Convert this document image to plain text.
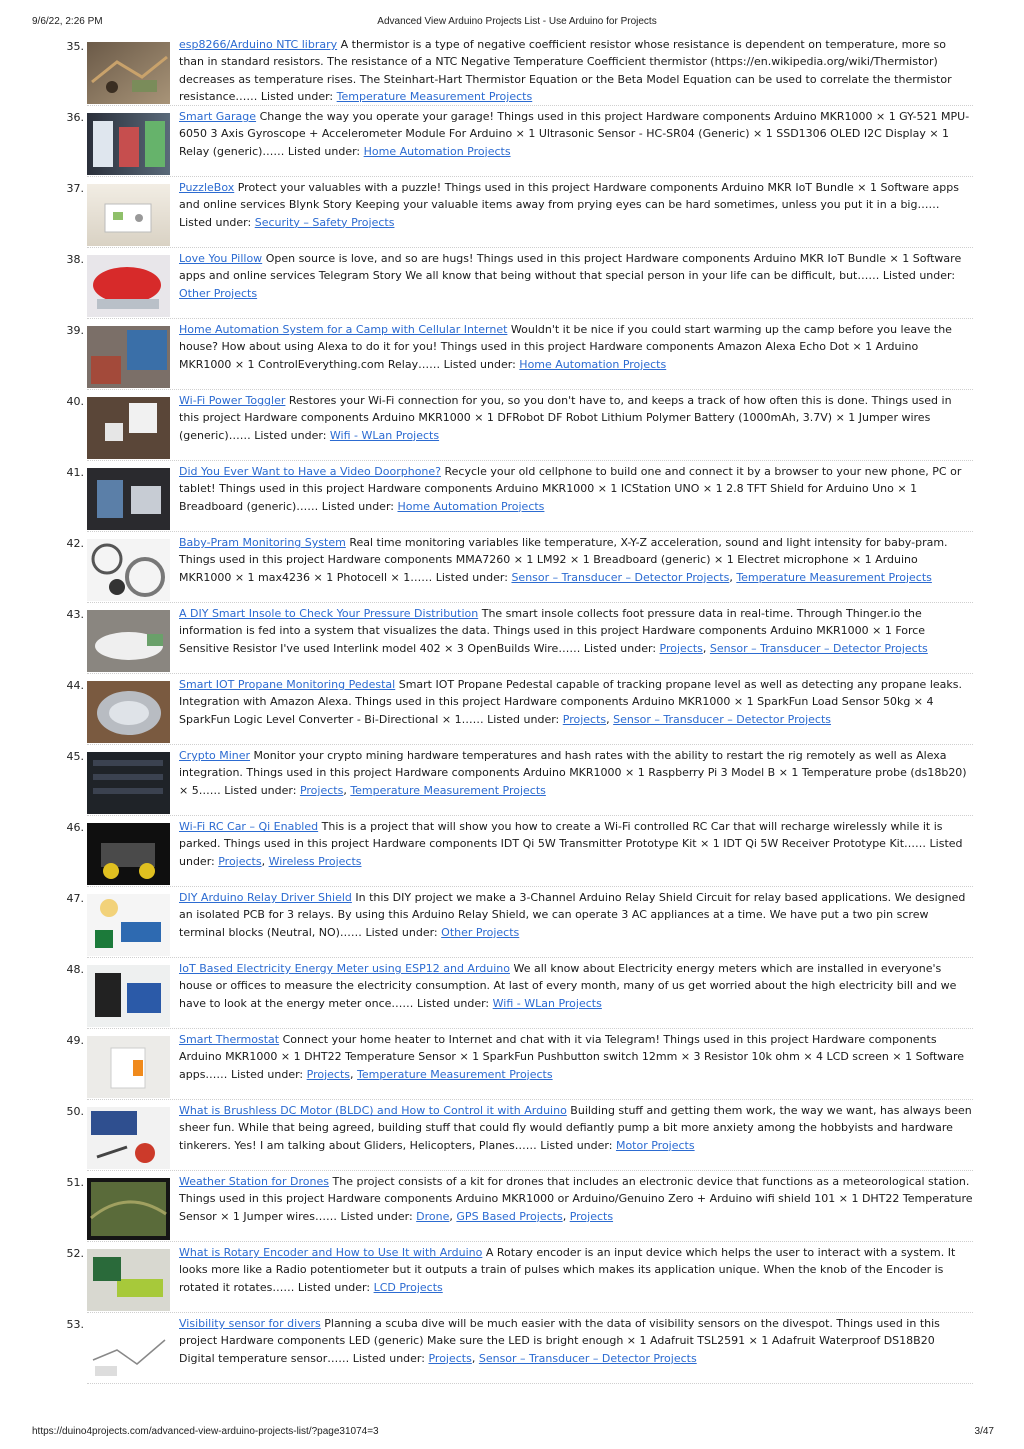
9/6/22, 2:26 PM	Advanced View Arduino Projects List - Use Arduino for Projects
35.	esp8266/Arduino NTC library A thermistor is a type of negative coefficient resistor whose resistance is dependent on temperature, more so than in standard resistors. The resistance of a NTC Negative Temperature Coefficient thermistor (https://en.wikipedia.org/wiki/Thermistor) decreases as temperature rises. The Steinhart-Hart Thermistor Equation or the Beta Model Equation can be used to correlate the thermistor resistance…… Listed under: Temperature Measurement Projects
36.	Smart Garage Change the way you operate your garage! Things used in this project Hardware components Arduino MKR1000 × 1 GY-521 MPU-6050 3 Axis Gyroscope + Accelerometer Module For Arduino × 1 Ultrasonic Sensor - HC-SR04 (Generic) × 1 SSD1306 OLED I2C Display × 1 Relay (generic)…… Listed under: Home Automation Projects
37.	PuzzleBox Protect your valuables with a puzzle! Things used in this project Hardware components Arduino MKR IoT Bundle × 1 Software apps and online services Blynk Story Keeping your valuable items away from prying eyes can be hard sometimes, unless you put it in a big…… Listed under: Security – Safety Projects
38.	Love You Pillow Open source is love, and so are hugs! Things used in this project Hardware components Arduino MKR IoT Bundle × 1 Software apps and online services Telegram Story We all know that being without that special person in your life can be difficult, but…… Listed under: Other Projects
39.	Home Automation System for a Camp with Cellular Internet Wouldn't it be nice if you could start warming up the camp before you leave the house? How about using Alexa to do it for you! Things used in this project Hardware components Amazon Alexa Echo Dot × 1 Arduino MKR1000 × 1 ControlEverything.com Relay…… Listed under: Home Automation Projects
40.	Wi-Fi Power Toggler Restores your Wi-Fi connection for you, so you don't have to, and keeps a track of how often this is done. Things used in this project Hardware components Arduino MKR1000 × 1 DFRobot DF Robot Lithium Polymer Battery (1000mAh, 3.7V) × 1 Jumper wires (generic)…… Listed under: Wifi - WLan Projects
41.	Did You Ever Want to Have a Video Doorphone? Recycle your old cellphone to build one and connect it by a browser to your new phone, PC or tablet! Things used in this project Hardware components Arduino MKR1000 × 1 ICStation UNO × 1 2.8 TFT Shield for Arduino Uno × 1 Breadboard (generic)…… Listed under: Home Automation Projects
42.	Baby-Pram Monitoring System Real time monitoring variables like temperature, X-Y-Z acceleration, sound and light intensity for baby-pram. Things used in this project Hardware components MMA7260 × 1 LM92 × 1 Breadboard (generic) × 1 Electret microphone × 1 Arduino MKR1000 × 1 max4236 × 1 Photocell × 1…… Listed under: Sensor – Transducer – Detector Projects, Temperature Measurement Projects
43.	A DIY Smart Insole to Check Your Pressure Distribution The smart insole collects foot pressure data in real-time. Through Thinger.io the information is fed into a system that visualizes the data. Things used in this project Hardware components Arduino MKR1000 × 1 Force Sensitive Resistor I've used Interlink model 402 × 3 OpenBuilds Wire…… Listed under: Projects, Sensor – Transducer – Detector Projects
44.	Smart IOT Propane Monitoring Pedestal Smart IOT Propane Pedestal capable of tracking propane level as well as detecting any propane leaks. Integration with Amazon Alexa. Things used in this project Hardware components Arduino MKR1000 × 1 SparkFun Load Sensor 50kg × 4 SparkFun Logic Level Converter - Bi-Directional × 1…… Listed under: Projects, Sensor – Transducer – Detector Projects
45.	Crypto Miner Monitor your crypto mining hardware temperatures and hash rates with the ability to restart the rig remotely as well as Alexa integration. Things used in this project Hardware components Arduino MKR1000 × 1 Raspberry Pi 3 Model B × 1 Temperature probe (ds18b20) × 5…… Listed under: Projects, Temperature Measurement Projects
46.	Wi-Fi RC Car – Qi Enabled This is a project that will show you how to create a Wi-Fi controlled RC Car that will recharge wirelessly while it is parked. Things used in this project Hardware components IDT Qi 5W Transmitter Prototype Kit × 1 IDT Qi 5W Receiver Prototype Kit…… Listed under: Projects, Wireless Projects
47.	DIY Arduino Relay Driver Shield In this DIY project we make a 3-Channel Arduino Relay Shield Circuit for relay based applications. We designed an isolated PCB for 3 relays. By using this Arduino Relay Shield, we can operate 3 AC appliances at a time. We have put a two pin screw terminal blocks (Neutral, NO)…… Listed under: Other Projects
48.	IoT Based Electricity Energy Meter using ESP12 and Arduino We all know about Electricity energy meters which are installed in everyone's house or offices to measure the electricity consumption. At last of every month, many of us get worried about the high electricity bill and we have to look at the energy meter once…… Listed under: Wifi - WLan Projects
49.	Smart Thermostat Connect your home heater to Internet and chat with it via Telegram! Things used in this project Hardware components Arduino MKR1000 × 1 DHT22 Temperature Sensor × 1 SparkFun Pushbutton switch 12mm × 3 Resistor 10k ohm × 4 LCD screen × 1 Software apps…… Listed under: Projects, Temperature Measurement Projects
50.	What is Brushless DC Motor (BLDC) and How to Control it with Arduino Building stuff and getting them work, the way we want, has always been sheer fun. While that being agreed, building stuff that could fly would defiantly pump a bit more anxiety among the hobbyists and hardware tinkerers. Yes! I am talking about Gliders, Helicopters, Planes…… Listed under: Motor Projects
51.	Weather Station for Drones The project consists of a kit for drones that includes an electronic device that functions as a meteorological station. Things used in this project Hardware components Arduino MKR1000 or Arduino/Genuino Zero + Arduino wifi shield 101 × 1 DHT22 Temperature Sensor × 1 Jumper wires…… Listed under: Drone, GPS Based Projects, Projects
52.	What is Rotary Encoder and How to Use It with Arduino A Rotary encoder is an input device which helps the user to interact with a system. It looks more like a Radio potentiometer but it outputs a train of pulses which makes its application unique. When the knob of the Encoder is rotated it rotates…… Listed under: LCD Projects
53.	Visibility sensor for divers Planning a scuba dive will be much easier with the data of visibility sensors on the divespot. Things used in this project Hardware components LED (generic) Make sure the LED is bright enough × 1 Adafruit TSL2591 × 1 Adafruit Waterproof DS18B20 Digital temperature sensor…… Listed under: Projects, Sensor – Transducer – Detector Projects
https://duino4projects.com/advanced-view-arduino-projects-list/?page31074=3	3/47
